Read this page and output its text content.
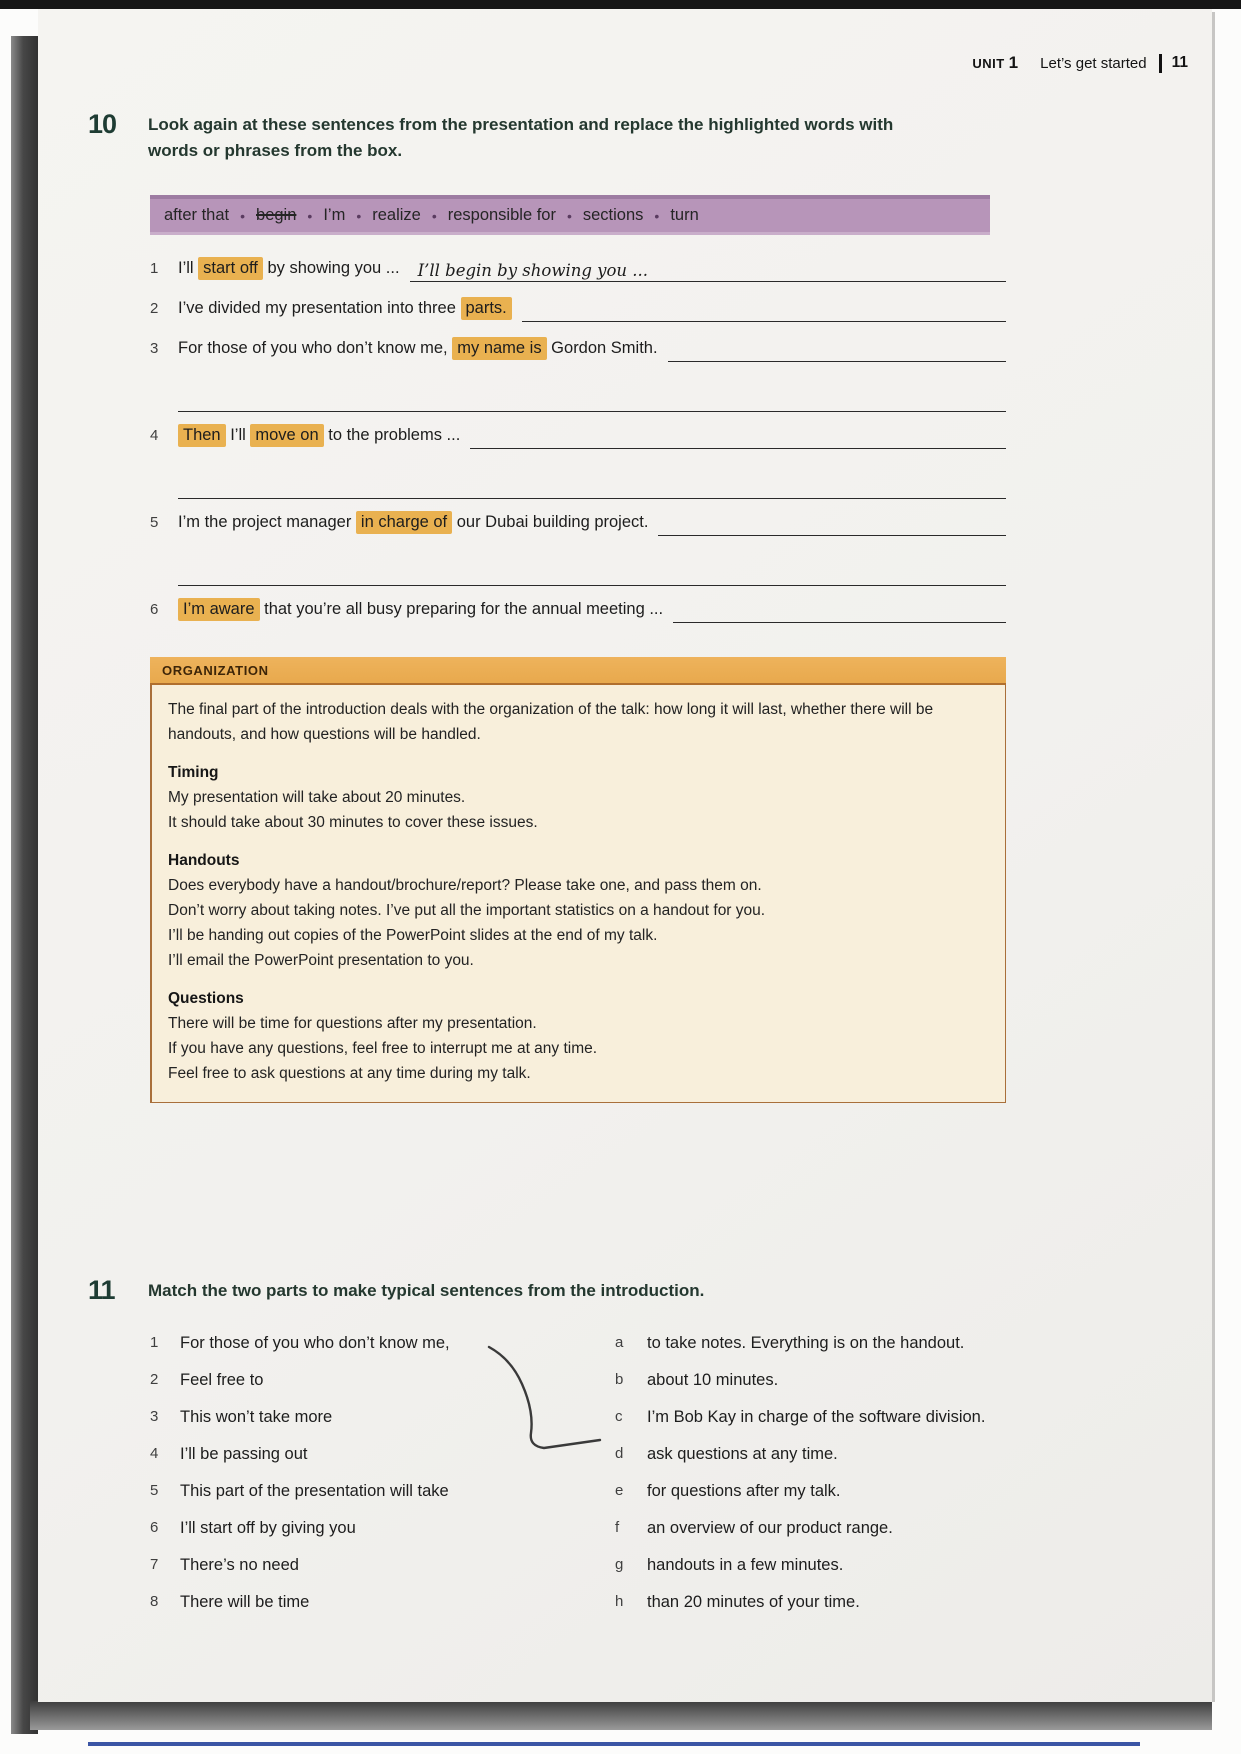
UNIT 1 Let’s get started 11
10	Look again at these sentences from the presentation and replace the highlighted words with
words or phrases from the box.
after that • begin • I’m • realize • responsible for • sections • turn
1	I’ll start off by showing you ...	I’ll begin by showing you ...
2	I’ve divided my presentation into three parts.
3	For those of you who don’t know me, my name is Gordon Smith.
4	Then I’ll move on to the problems ...
5	I’m the project manager in charge of our Dubai building project.
6	I’m aware that you’re all busy preparing for the annual meeting ...
ORGANIZATION
The final part of the introduction deals with the organization of the talk: how long it will last, whether there will be handouts, and how questions will be handled.
Timing
My presentation will take about 20 minutes.
It should take about 30 minutes to cover these issues.
Handouts
Does everybody have a handout/brochure/report? Please take one, and pass them on.
Don’t worry about taking notes. I’ve put all the important statistics on a handout for you.
I’ll be handing out copies of the PowerPoint slides at the end of my talk.
I’ll email the PowerPoint presentation to you.
Questions
There will be time for questions after my presentation.
If you have any questions, feel free to interrupt me at any time.
Feel free to ask questions at any time during my talk.
11	Match the two parts to make typical sentences from the introduction.
1	For those of you who don’t know me,
2	Feel free to
3	This won’t take more
4	I’ll be passing out
5	This part of the presentation will take
6	I’ll start off by giving you
7	There’s no need
8	There will be time
a	to take notes. Everything is on the handout.
b	about 10 minutes.
c	I’m Bob Kay in charge of the software division.
d	ask questions at any time.
e	for questions after my talk.
f	an overview of our product range.
g	handouts in a few minutes.
h	than 20 minutes of your time.
